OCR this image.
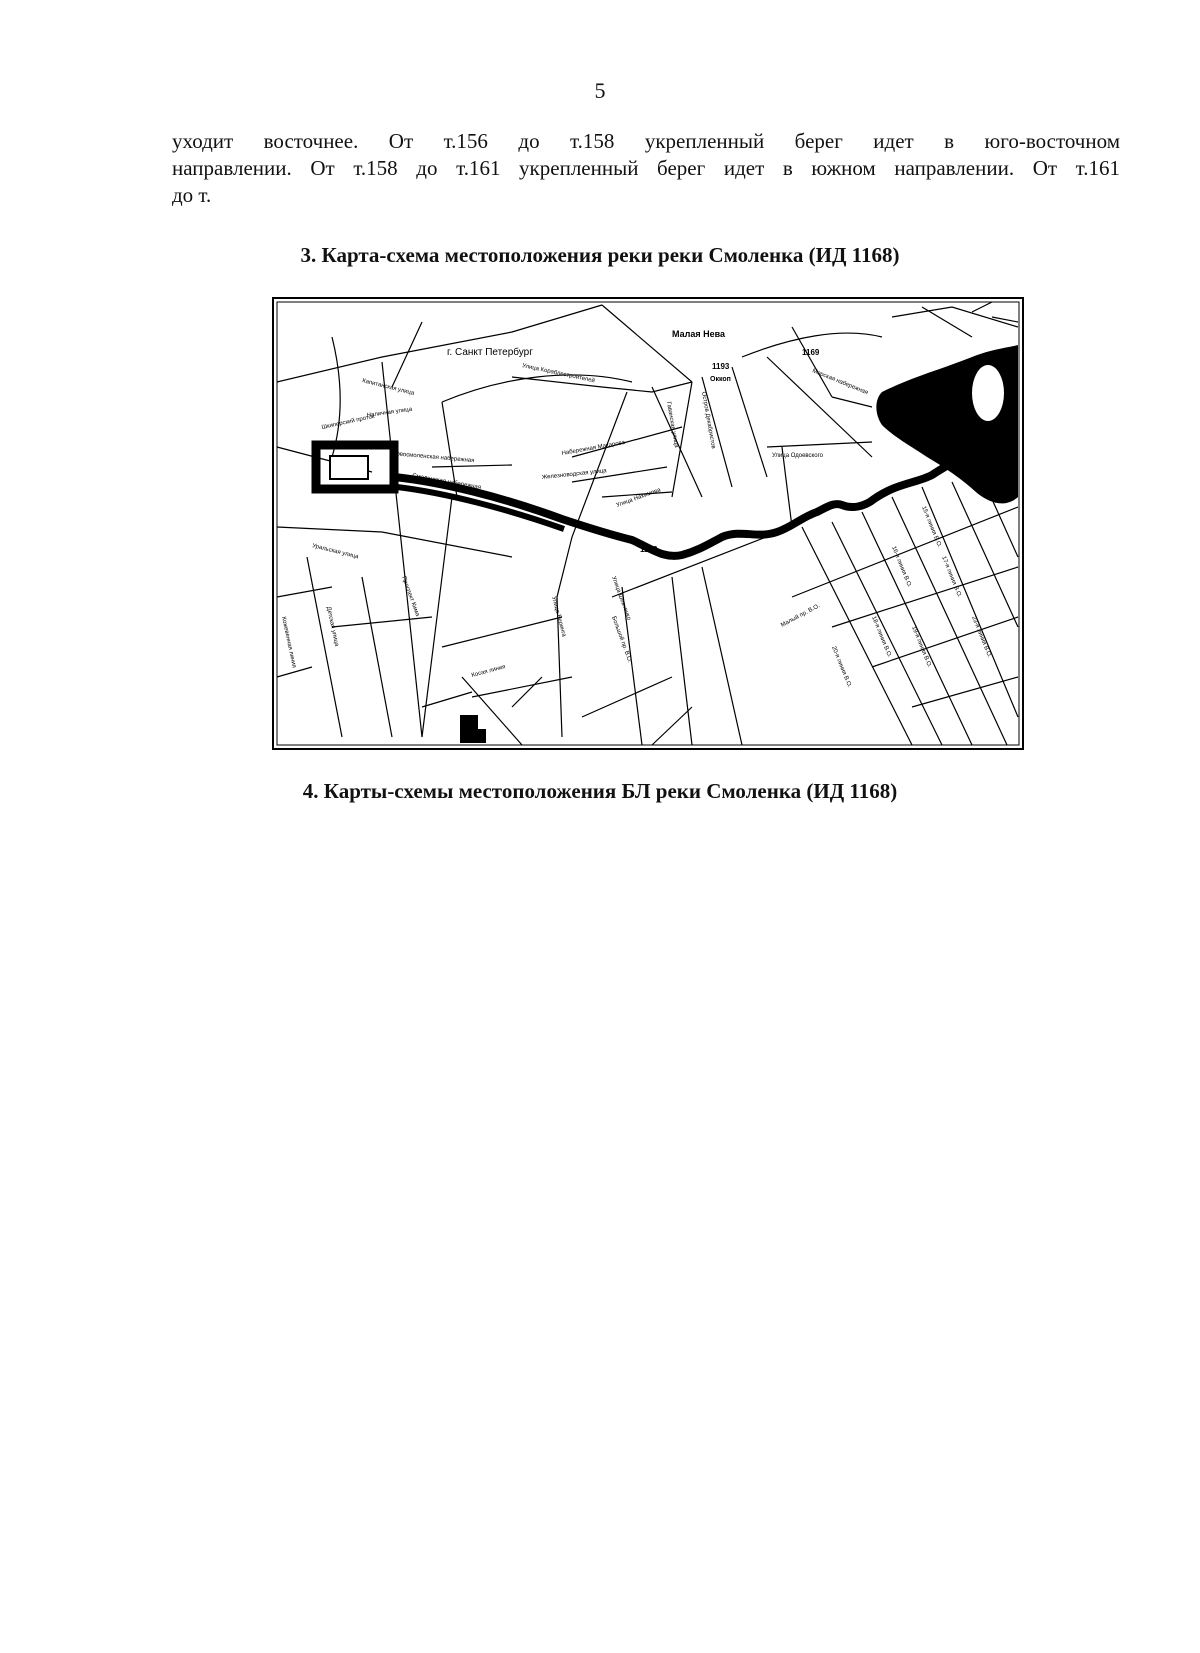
5
уходит восточнее. От т.156 до т.158 укрепленный берег идет в юго-восточном
направлении. От т.158 до т.161 укрепленный берег идет в южном направлении. От т.161
до т.
3. Карта-схема местоположения реки реки Смоленка (ИД 1168)
г. Санкт Петербург
Малая Нева
1169
1193
Оккоп
1168
Улица Кораблестроителей
Капитанская улица
Наличная улица
Шкиперский проток
Новосмоленская набережная
Смоленская набережная
Набережная Макарова
Железноводская улица
Улица Нахимова
Улица Одоевского
Остров Декабристов
Гаванская улица
Морская набережная
Малый пр. В.О.
Улица Шевченко
Улица Беринга
Проспект Кима
Уральская улица
Кожевенная линия	Детская улица
Косая линия
Большой пр. В.О.
15-я линия В.О.
16-я линия В.О.	17-я линия В.О.
18-я линия В.О.	19-я линия В.О.
20-я линия В.О.
23-я линия В.О.
4. Карты-схемы местоположения БЛ реки Смоленка (ИД 1168)
